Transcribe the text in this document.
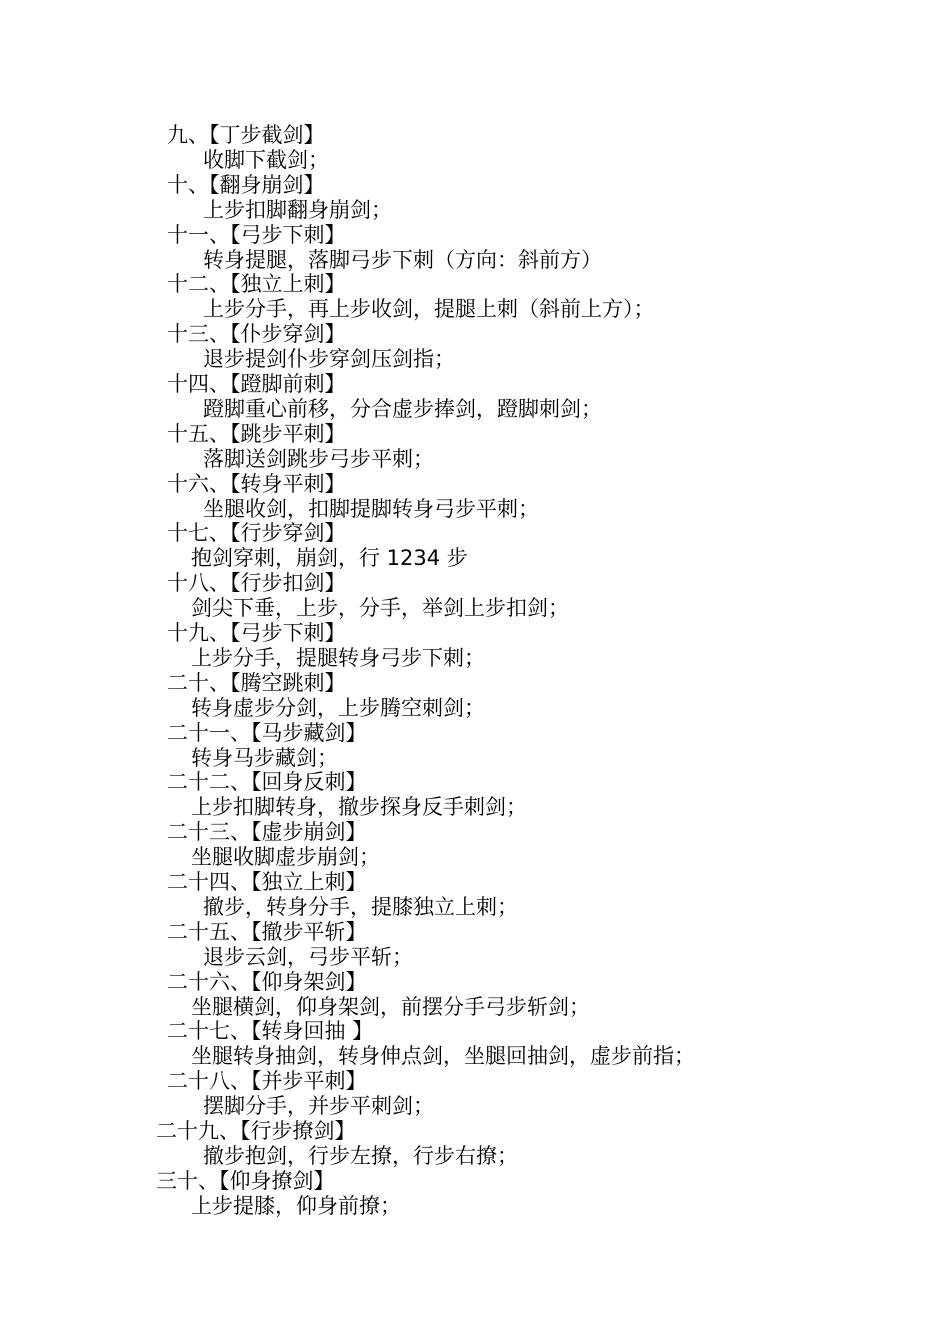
九、【丁步截剑】
收脚下截剑；
十、【翻身崩剑】
上步扣脚翻身崩剑；
十一、【弓步下刺】
转身提腿，落脚弓步下刺（方向：斜前方）
十二、【独立上刺】
上步分手，再上步收剑，提腿上刺（斜前上方）；
十三、【仆步穿剑】
退步提剑仆步穿剑压剑指；
十四、【蹬脚前刺】
蹬脚重心前移，分合虚步捧剑，蹬脚刺剑；
十五、【跳步平刺】
落脚送剑跳步弓步平刺；
十六、【转身平刺】
坐腿收剑，扣脚提脚转身弓步平刺；
十七、【行步穿剑】
抱剑穿刺，崩剑，行 1234 步
十八、【行步扣剑】
剑尖下垂，上步，分手，举剑上步扣剑；
十九、【弓步下刺】
上步分手，提腿转身弓步下刺；
二十、【腾空跳刺】
转身虚步分剑，上步腾空刺剑；
二十一、【马步藏剑】
转身马步藏剑；
二十二、【回身反刺】
上步扣脚转身，撤步探身反手刺剑；
二十三、【虚步崩剑】
坐腿收脚虚步崩剑；
二十四、【独立上刺】
撤步，转身分手，提膝独立上刺；
二十五、【撤步平斩】
退步云剑，弓步平斩；
二十六、【仰身架剑】
坐腿横剑，仰身架剑，前摆分手弓步斩剑；
二十七、【转身回抽 】
坐腿转身抽剑，转身伸点剑，坐腿回抽剑，虚步前指；
二十八、【并步平刺】
摆脚分手，并步平刺剑；
二十九、【行步撩剑】
撤步抱剑，行步左撩，行步右撩；
三十、【仰身撩剑】
上步提膝，仰身前撩；
